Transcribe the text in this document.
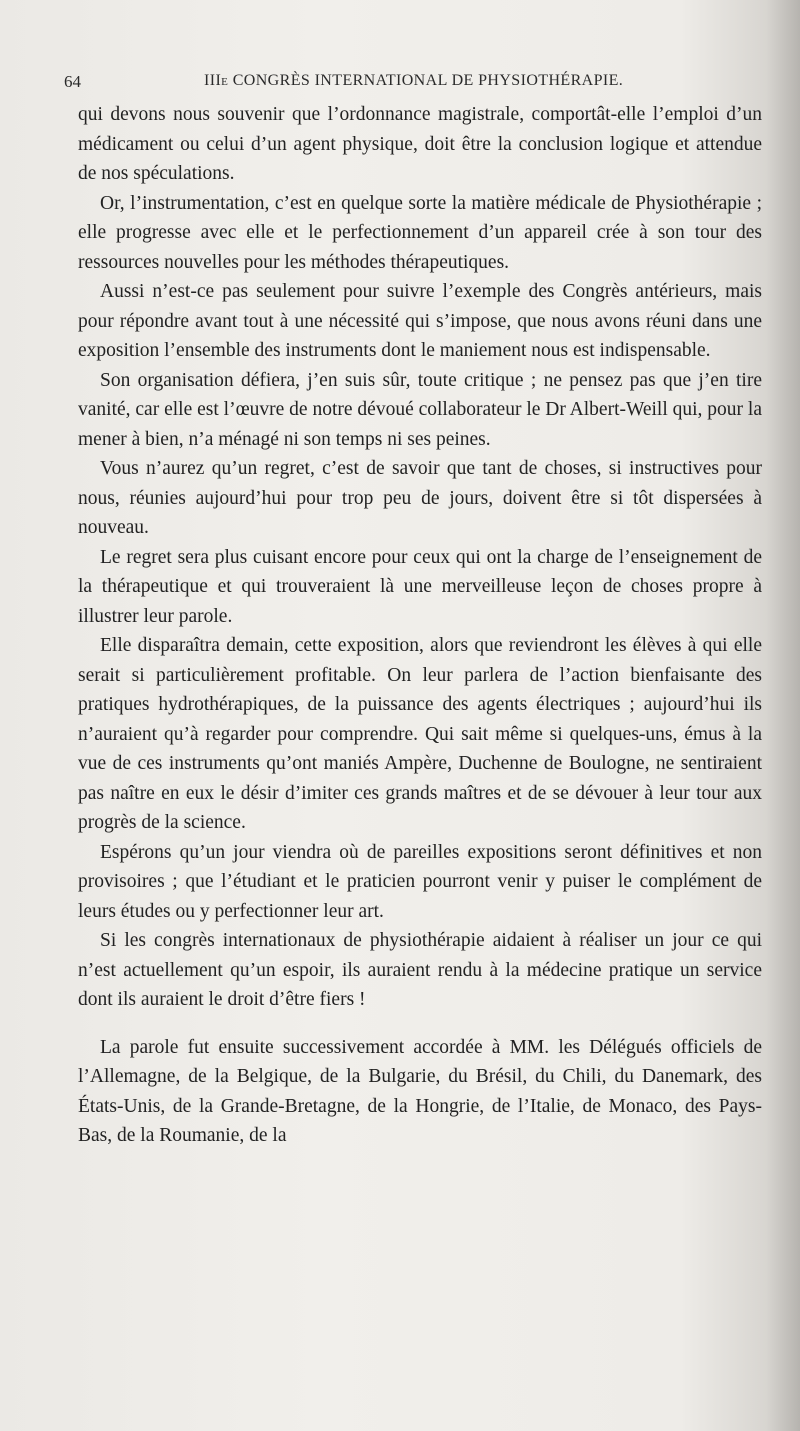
64	IIIe CONGRÈS INTERNATIONAL DE PHYSIOTHÉRAPIE.

qui devons nous souvenir que l’ordonnance magistrale, comportât-elle l’emploi d’un médicament ou celui d’un agent physique, doit être la conclusion logique et attendue de nos spéculations.

Or, l’instrumentation, c’est en quelque sorte la matière médicale de Physiothérapie ; elle progresse avec elle et le perfectionnement d’un appareil crée à son tour des ressources nouvelles pour les méthodes thérapeutiques.

Aussi n’est-ce pas seulement pour suivre l’exemple des Congrès antérieurs, mais pour répondre avant tout à une nécessité qui s’impose, que nous avons réuni dans une exposition l’ensemble des instruments dont le maniement nous est indispensable.

Son organisation défiera, j’en suis sûr, toute critique ; ne pensez pas que j’en tire vanité, car elle est l’œuvre de notre dévoué collaborateur le Dr Albert-Weill qui, pour la mener à bien, n’a ménagé ni son temps ni ses peines.

Vous n’aurez qu’un regret, c’est de savoir que tant de choses, si instructives pour nous, réunies aujourd’hui pour trop peu de jours, doivent être si tôt dispersées à nouveau.

Le regret sera plus cuisant encore pour ceux qui ont la charge de l’enseignement de la thérapeutique et qui trouveraient là une merveilleuse leçon de choses propre à illustrer leur parole.

Elle disparaîtra demain, cette exposition, alors que reviendront les élèves à qui elle serait si particulièrement profitable. On leur parlera de l’action bienfaisante des pratiques hydrothérapiques, de la puissance des agents électriques ; aujourd’hui ils n’auraient qu’à regarder pour comprendre. Qui sait même si quelques-uns, émus à la vue de ces instruments qu’ont maniés Ampère, Duchenne de Boulogne, ne sentiraient pas naître en eux le désir d’imiter ces grands maîtres et de se dévouer à leur tour aux progrès de la science.

Espérons qu’un jour viendra où de pareilles expositions seront définitives et non provisoires ; que l’étudiant et le praticien pourront venir y puiser le complément de leurs études ou y perfectionner leur art.

Si les congrès internationaux de physiothérapie aidaient à réaliser un jour ce qui n’est actuellement qu’un espoir, ils auraient rendu à la médecine pratique un service dont ils auraient le droit d’être fiers !

La parole fut ensuite successivement accordée à MM. les Délégués officiels de l’Allemagne, de la Belgique, de la Bulgarie, du Brésil, du Chili, du Danemark, des États-Unis, de la Grande-Bretagne, de la Hongrie, de l’Italie, de Monaco, des Pays-Bas, de la Roumanie, de la
